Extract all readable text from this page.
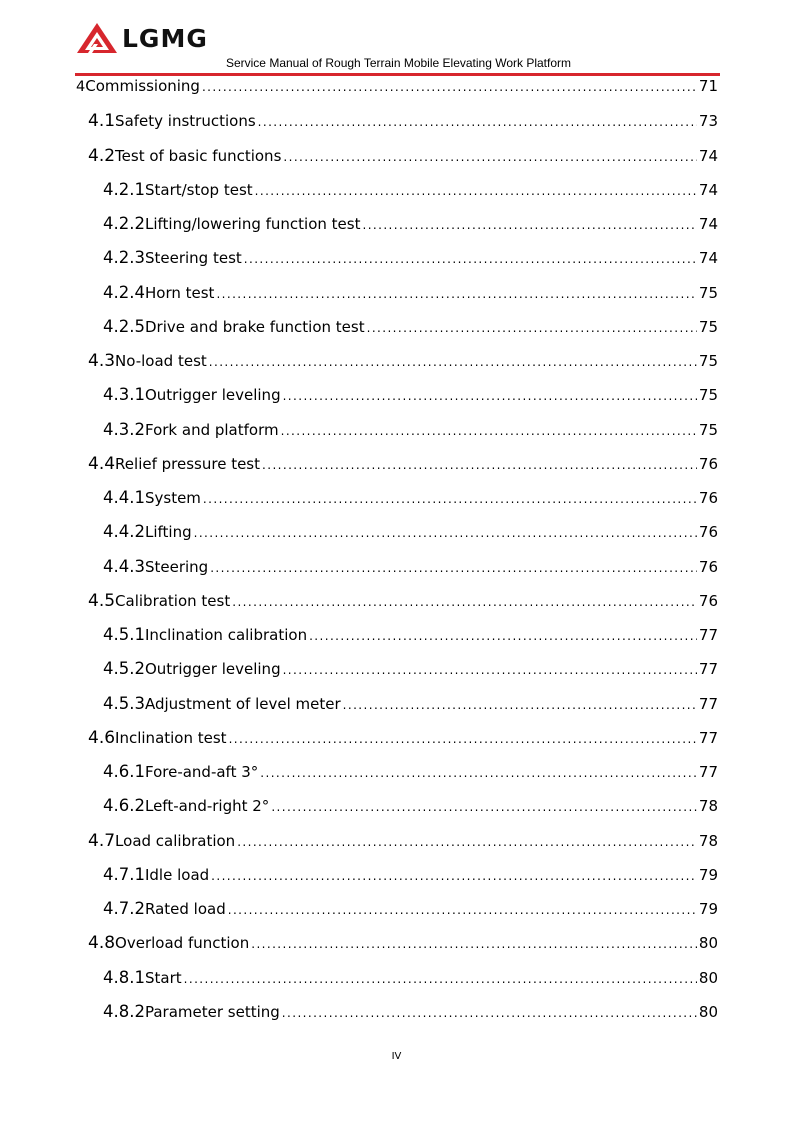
LGMG
Service Manual of Rough Terrain Mobile Elevating Work Platform
4 Commissioning .....	71
4.1 Safety instructions .....	73
4.2 Test of basic functions .....	74
4.2.1 Start/stop test .....	74
4.2.2 Lifting/lowering function test .....	74
4.2.3 Steering test .....	74
4.2.4 Horn test .....	75
4.2.5 Drive and brake function test .....	75
4.3 No-load test .....	75
4.3.1 Outrigger leveling .....	75
4.3.2 Fork and platform .....	75
4.4 Relief pressure test .....	76
4.4.1 System .....	76
4.4.2 Lifting .....	76
4.4.3 Steering .....	76
4.5 Calibration test .....	76
4.5.1 Inclination calibration .....	77
4.5.2 Outrigger leveling .....	77
4.5.3 Adjustment of level meter .....	77
4.6 Inclination test .....	77
4.6.1 Fore-and-aft 3° .....	77
4.6.2 Left-and-right 2° .....	78
4.7 Load calibration .....	78
4.7.1 Idle load .....	79
4.7.2 Rated load .....	79
4.8 Overload function .....	80
4.8.1 Start .....	80
4.8.2 Parameter setting .....	80
IV
